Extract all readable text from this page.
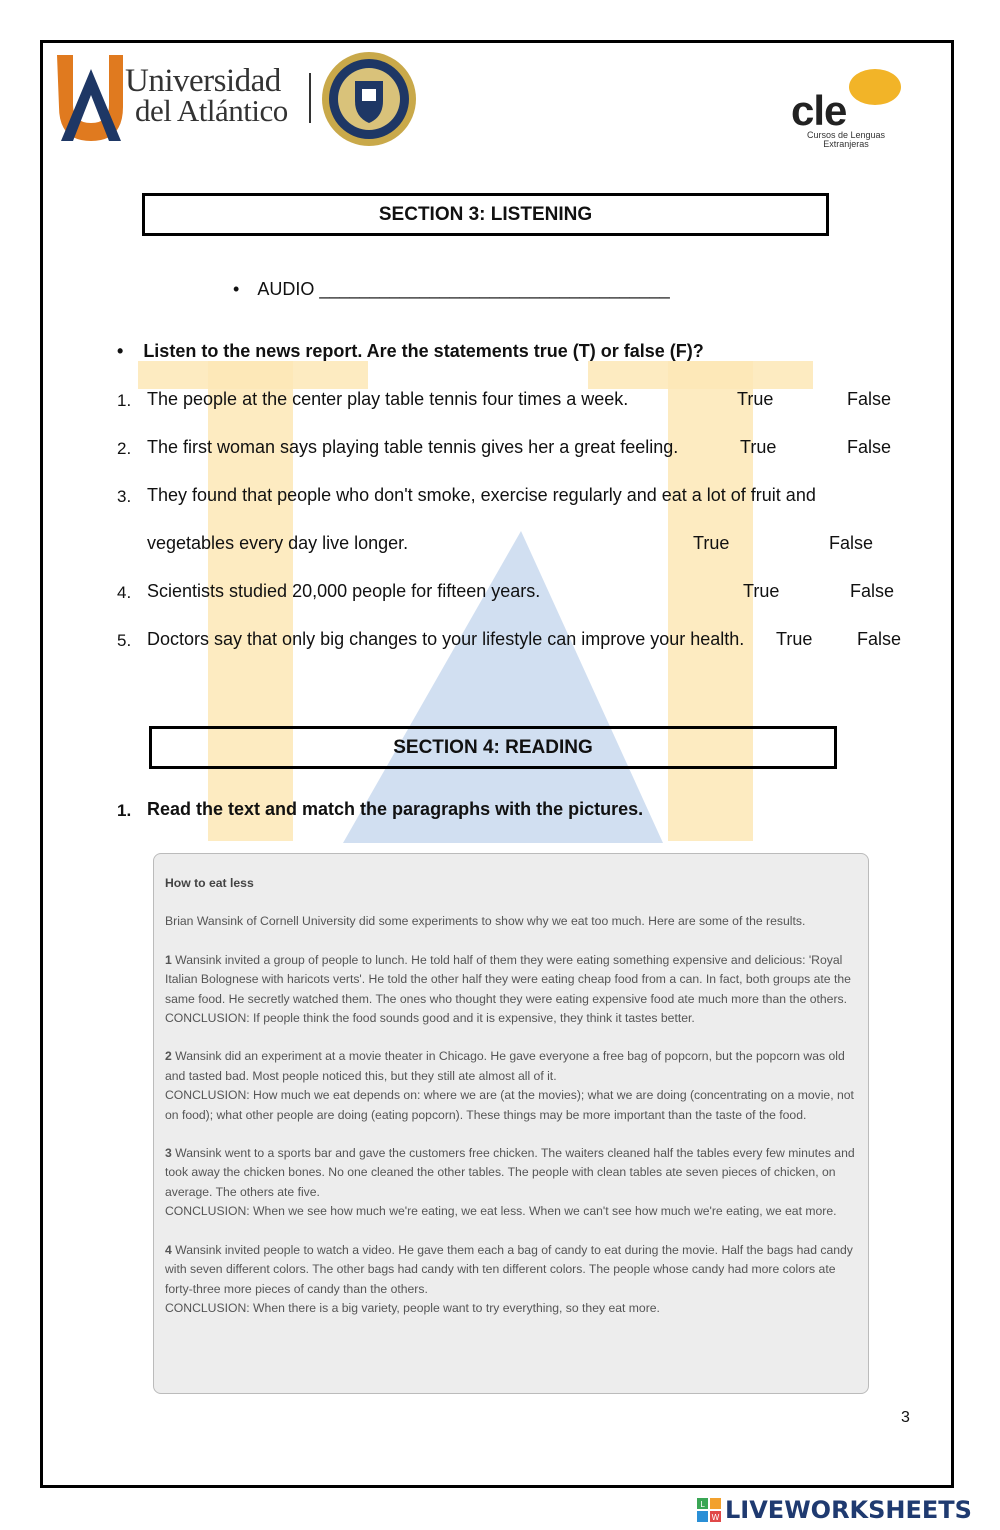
Universidad
del Atlántico	cle
Cursos de Lenguas
Extranjeras
SECTION 3: LISTENING
• AUDIO ___________________________________
• Listen to the news report. Are the statements true (T) or false (F)?
1. The people at the center play table tennis four times a week.	True	False
2. The first woman says playing table tennis gives her a great feeling.	True	False
3. They found that people who don't smoke, exercise regularly and eat a lot of fruit and
vegetables every day live longer.	True	False
4. Scientists studied 20,000 people for fifteen years.	True	False
5. Doctors say that only big changes to your lifestyle can improve your health. True False
SECTION 4: READING
1. Read the text and match the paragraphs with the pictures.

How to eat less

Brian Wansink of Cornell University did some experiments to show why we eat too much. Here are some of the results.

1 Wansink invited a group of people to lunch. He told half of them they were eating something expensive and delicious: 'Royal Italian Bolognese with haricots verts'. He told the other half they were eating cheap food from a can. In fact, both groups ate the same food. He secretly watched them. The ones who thought they were eating expensive food ate much more than the others.
CONCLUSION: If people think the food sounds good and it is expensive, they think it tastes better.

2 Wansink did an experiment at a movie theater in Chicago. He gave everyone a free bag of popcorn, but the popcorn was old and tasted bad. Most people noticed this, but they still ate almost all of it.
CONCLUSION: How much we eat depends on: where we are (at the movies); what we are doing (concentrating on a movie, not on food); what other people are doing (eating popcorn). These things may be more important than the taste of the food.

3 Wansink went to a sports bar and gave the customers free chicken. The waiters cleaned half the tables every few minutes and took away the chicken bones. No one cleaned the other tables. The people with clean tables ate seven pieces of chicken, on average. The others ate five.
CONCLUSION: When we see how much we're eating, we eat less. When we can't see how much we're eating, we eat more.

4 Wansink invited people to watch a video. He gave them each a bag of candy to eat during the movie. Half the bags had candy with seven different colors. The other bags had candy with ten different colors. The people whose candy had more colors ate forty-three more pieces of candy than the others.
CONCLUSION: When there is a big variety, people want to try everything, so they eat more.

3
L
W LIVEWORKSHEETS
